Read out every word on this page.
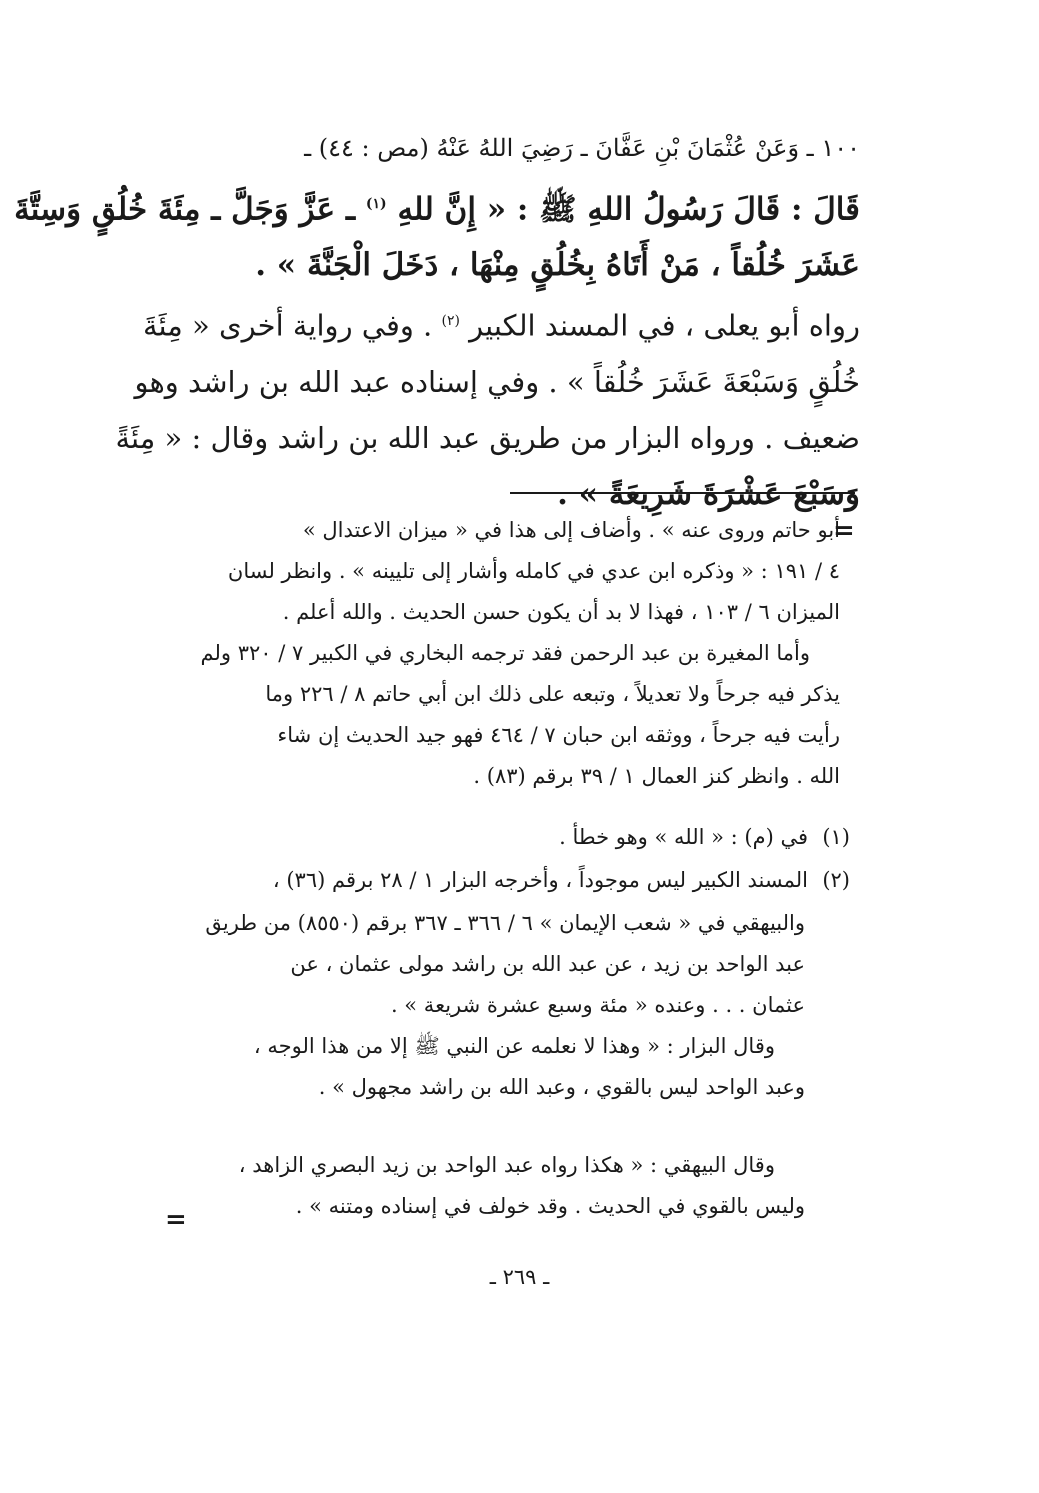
١٠٠ ـ وَعَنْ عُثْمَانَ بْنِ عَفَّانَ ـ رَضِيَ اللهُ عَنْهُ (مص : ٤٤) ـ
قَالَ : قَالَ رَسُولُ اللهِ ﷺ : « إِنَّ للهِ $^{(١)}$ ـ عَزَّ وَجَلَّ ـ مِئَةَ خُلُقٍ وَسِتَّةَ
عَشَرَ خُلُقاً ، مَنْ أَتَاهُ بِخُلُقٍ مِنْهَا ، دَخَلَ الْجَنَّةَ » .
رواه أبو يعلى ، في المسند الكبير $^{(٢)}$ . وفي رواية أخرى « مِئَةَ
خُلُقٍ وَسَبْعَةَ عَشَرَ خُلُقاً » . وفي إسناده عبد الله بن راشد وهو
ضعيف . ورواه البزار من طريق عبد الله بن راشد وقال : « مِئَةً
وَسَبْعَ عَشْرَةَ شَرِيعَةً » .
=
أبو حاتم وروى عنه » . وأضاف إلى هذا في « ميزان الاعتدال »
٤ / ١٩١ : « وذكره ابن عدي في كامله وأشار إلى تليينه » . وانظر لسان
الميزان ٦ / ١٠٣ ، فهذا لا بد أن يكون حسن الحديث . والله أعلم .
وأما المغيرة بن عبد الرحمن فقد ترجمه البخاري في الكبير ٧ / ٣٢٠ ولم
يذكر فيه جرحاً ولا تعديلاً ، وتبعه على ذلك ابن أبي حاتم ٨ / ٢٢٦ وما
رأيت فيه جرحاً ، ووثقه ابن حبان ٧ / ٤٦٤ فهو جيد الحديث إن شاء
الله . وانظر كنز العمال ١ / ٣٩ برقم (٨٣) .
(١)في (م) : « الله » وهو خطأ .
(٢)المسند الكبير ليس موجوداً ، وأخرجه البزار ١ / ٢٨ برقم (٣٦) ،
والبيهقي في « شعب الإيمان » ٦ / ٣٦٦ ـ ٣٦٧ برقم (٨٥٥٠) من طريق
عبد الواحد بن زيد ، عن عبد الله بن راشد مولى عثمان ، عن
عثمان . . . وعنده « مئة وسبع عشرة شريعة » .
وقال البزار : « وهذا لا نعلمه عن النبي ﷺ إلا من هذا الوجه ،
وعبد الواحد ليس بالقوي ، وعبد الله بن راشد مجهول » .
وقال البيهقي : « هكذا رواه عبد الواحد بن زيد البصري الزاهد ،
وليس بالقوي في الحديث . وقد خولف في إسناده ومتنه » .
=
ـ ٢٦٩ ـ
